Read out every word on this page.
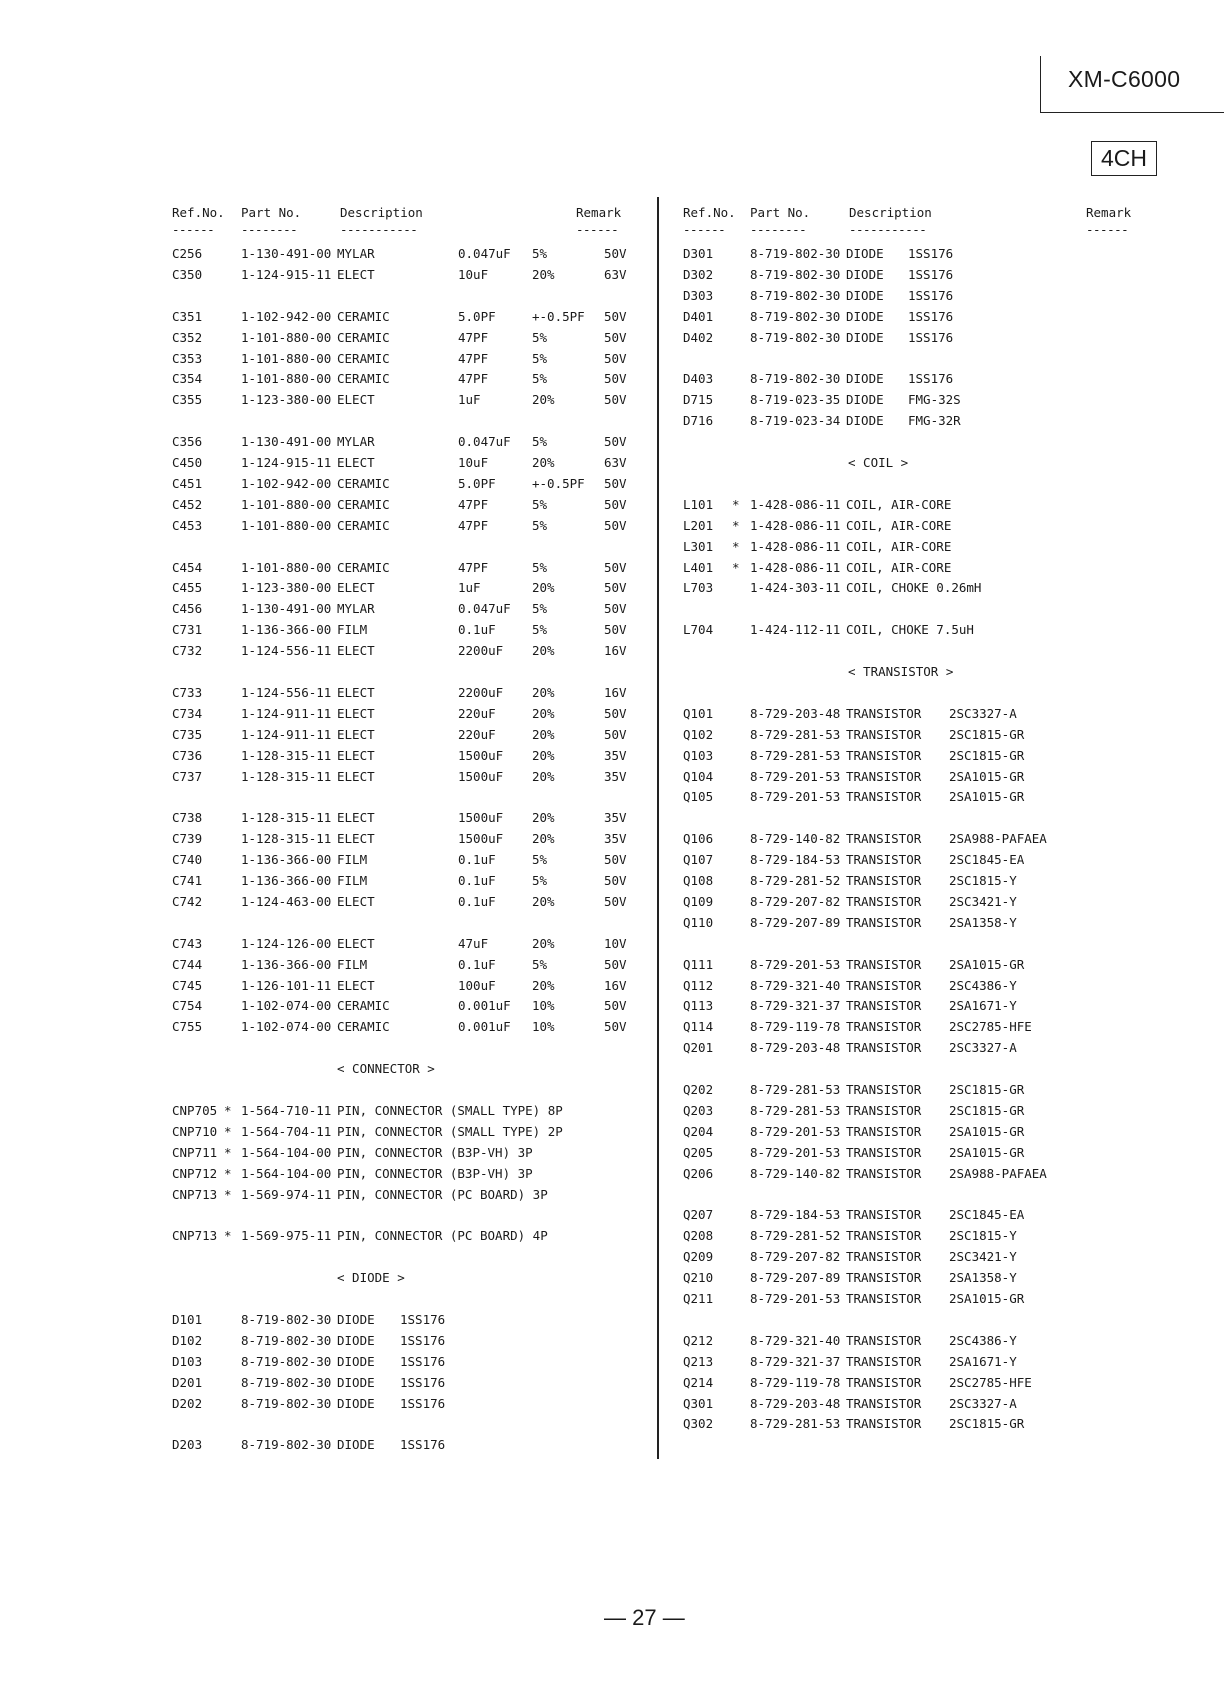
XM-C6000
4CH
Ref.No. Part No.	Description	Remark
------ --------	-----------	------
Ref.No. Part No.	Description	Remark
------ --------	-----------	------
C256	1-130-491-00 MYLAR	0.047uF 5%	50V
C350	1-124-915-11 ELECT	10uF	20%	63V
C351	1-102-942-00 CERAMIC	5.0PF	+-0.5PF 50V
C352	1-101-880-00 CERAMIC	47PF	5%	50V
C353	1-101-880-00 CERAMIC	47PF	5%	50V
C354	1-101-880-00 CERAMIC	47PF	5%	50V
C355	1-123-380-00 ELECT	1uF	20%	50V
C356	1-130-491-00 MYLAR	0.047uF 5%	50V
C450	1-124-915-11 ELECT	10uF	20%	63V
C451	1-102-942-00 CERAMIC	5.0PF	+-0.5PF 50V
C452	1-101-880-00 CERAMIC	47PF	5%	50V
C453	1-101-880-00 CERAMIC	47PF	5%	50V
C454	1-101-880-00 CERAMIC	47PF	5%	50V
C455	1-123-380-00 ELECT	1uF	20%	50V
C456	1-130-491-00 MYLAR	0.047uF 5%	50V
C731	1-136-366-00 FILM	0.1uF	5%	50V
C732	1-124-556-11 ELECT	2200uF 20%	16V
C733	1-124-556-11 ELECT	2200uF 20%	16V
C734	1-124-911-11 ELECT	220uF	20%	50V
C735	1-124-911-11 ELECT	220uF	20%	50V
C736	1-128-315-11 ELECT	1500uF 20%	35V
C737	1-128-315-11 ELECT	1500uF 20%	35V
C738	1-128-315-11 ELECT	1500uF 20%	35V
C739	1-128-315-11 ELECT	1500uF 20%	35V
C740	1-136-366-00 FILM	0.1uF	5%	50V
C741	1-136-366-00 FILM	0.1uF	5%	50V
C742	1-124-463-00 ELECT	0.1uF	20%	50V
C743	1-124-126-00 ELECT	47uF	20%	10V
C744	1-136-366-00 FILM	0.1uF	5%	50V
C745	1-126-101-11 ELECT	100uF	20%	16V
C754	1-102-074-00 CERAMIC	0.001uF 10%	50V
C755	1-102-074-00 CERAMIC	0.001uF 10%	50V
< CONNECTOR >
CNP705 * 1-564-710-11 PIN, CONNECTOR (SMALL TYPE) 8P
CNP710 * 1-564-704-11 PIN, CONNECTOR (SMALL TYPE) 2P
CNP711 * 1-564-104-00 PIN, CONNECTOR (B3P-VH) 3P
CNP712 * 1-564-104-00 PIN, CONNECTOR (B3P-VH) 3P
CNP713 * 1-569-974-11 PIN, CONNECTOR (PC BOARD) 3P
CNP713 * 1-569-975-11 PIN, CONNECTOR (PC BOARD) 4P
< DIODE >
D101	8-719-802-30 DIODE 1SS176
D102	8-719-802-30 DIODE 1SS176
D103	8-719-802-30 DIODE 1SS176
D201	8-719-802-30 DIODE 1SS176
D202	8-719-802-30 DIODE 1SS176
D203	8-719-802-30 DIODE 1SS176
D301	8-719-802-30 DIODE 1SS176
D302	8-719-802-30 DIODE 1SS176
D303	8-719-802-30 DIODE 1SS176
D401	8-719-802-30 DIODE 1SS176
D402	8-719-802-30 DIODE 1SS176
D403	8-719-802-30 DIODE 1SS176
D715	8-719-023-35 DIODE FMG-32S
D716	8-719-023-34 DIODE FMG-32R
< COIL >
L101 * 1-428-086-11 COIL, AIR-CORE
L201 * 1-428-086-11 COIL, AIR-CORE
L301 * 1-428-086-11 COIL, AIR-CORE
L401 * 1-428-086-11 COIL, AIR-CORE
L703	1-424-303-11 COIL, CHOKE 0.26mH
L704	1-424-112-11 COIL, CHOKE 7.5uH
< TRANSISTOR >
Q101	8-729-203-48 TRANSISTOR 2SC3327-A
Q102	8-729-281-53 TRANSISTOR 2SC1815-GR
Q103	8-729-281-53 TRANSISTOR 2SC1815-GR
Q104	8-729-201-53 TRANSISTOR 2SA1015-GR
Q105	8-729-201-53 TRANSISTOR 2SA1015-GR
Q106	8-729-140-82 TRANSISTOR 2SA988-PAFAEA
Q107	8-729-184-53 TRANSISTOR 2SC1845-EA
Q108	8-729-281-52 TRANSISTOR 2SC1815-Y
Q109	8-729-207-82 TRANSISTOR 2SC3421-Y
Q110	8-729-207-89 TRANSISTOR 2SA1358-Y
Q111	8-729-201-53 TRANSISTOR 2SA1015-GR
Q112	8-729-321-40 TRANSISTOR 2SC4386-Y
Q113	8-729-321-37 TRANSISTOR 2SA1671-Y
Q114	8-729-119-78 TRANSISTOR 2SC2785-HFE
Q201	8-729-203-48 TRANSISTOR 2SC3327-A
Q202	8-729-281-53 TRANSISTOR 2SC1815-GR
Q203	8-729-281-53 TRANSISTOR 2SC1815-GR
Q204	8-729-201-53 TRANSISTOR 2SA1015-GR
Q205	8-729-201-53 TRANSISTOR 2SA1015-GR
Q206	8-729-140-82 TRANSISTOR 2SA988-PAFAEA
Q207	8-729-184-53 TRANSISTOR 2SC1845-EA
Q208	8-729-281-52 TRANSISTOR 2SC1815-Y
Q209	8-729-207-82 TRANSISTOR 2SC3421-Y
Q210	8-729-207-89 TRANSISTOR 2SA1358-Y
Q211	8-729-201-53 TRANSISTOR 2SA1015-GR
Q212	8-729-321-40 TRANSISTOR 2SC4386-Y
Q213	8-729-321-37 TRANSISTOR 2SA1671-Y
Q214	8-729-119-78 TRANSISTOR 2SC2785-HFE
Q301	8-729-203-48 TRANSISTOR 2SC3327-A
Q302	8-729-281-53 TRANSISTOR 2SC1815-GR
— 27 —
